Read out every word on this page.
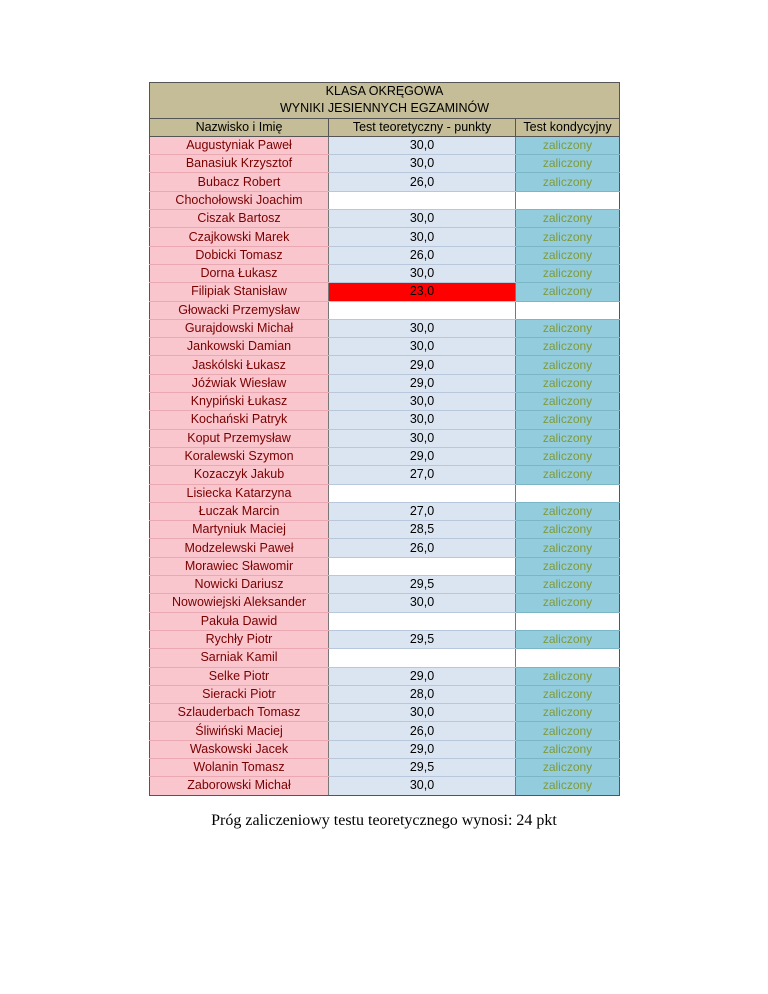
KLASA OKRĘGOWA		
WYNIKI JESIENNYCH EGZAMINÓW		
Nazwisko i Imię	Test teoretyczny - punkty	Test kondycyjny
Augustyniak Paweł	30,0	zaliczony
Banasiuk Krzysztof	30,0	zaliczony
Bubacz Robert	26,0	zaliczony
Chochołowski Joachim		
Ciszak Bartosz	30,0	zaliczony
Czajkowski Marek	30,0	zaliczony
Dobicki Tomasz	26,0	zaliczony
Dorna Łukasz	30,0	zaliczony
Filipiak Stanisław	23,0	zaliczony
Głowacki Przemysław		
Gurajdowski Michał	30,0	zaliczony
Jankowski Damian	30,0	zaliczony
Jaskólski Łukasz	29,0	zaliczony
Jóźwiak Wiesław	29,0	zaliczony
Knypiński Łukasz	30,0	zaliczony
Kochański Patryk	30,0	zaliczony
Koput Przemysław	30,0	zaliczony
Koralewski Szymon	29,0	zaliczony
Kozaczyk Jakub	27,0	zaliczony
Lisiecka Katarzyna		
Łuczak Marcin	27,0	zaliczony
Martyniuk Maciej	28,5	zaliczony
Modzelewski Paweł	26,0	zaliczony
Morawiec Sławomir		zaliczony
Nowicki Dariusz	29,5	zaliczony
Nowowiejski Aleksander	30,0	zaliczony
Pakuła Dawid		
Rychły Piotr	29,5	zaliczony
Sarniak Kamil		
Selke Piotr	29,0	zaliczony
Sieracki Piotr	28,0	zaliczony
Szlauderbach Tomasz	30,0	zaliczony
Śliwiński Maciej	26,0	zaliczony
Waskowski Jacek	29,0	zaliczony
Wolanin Tomasz	29,5	zaliczony
Zaborowski Michał	30,0	zaliczony
Próg zaliczeniowy testu teoretycznego wynosi: 24 pkt
